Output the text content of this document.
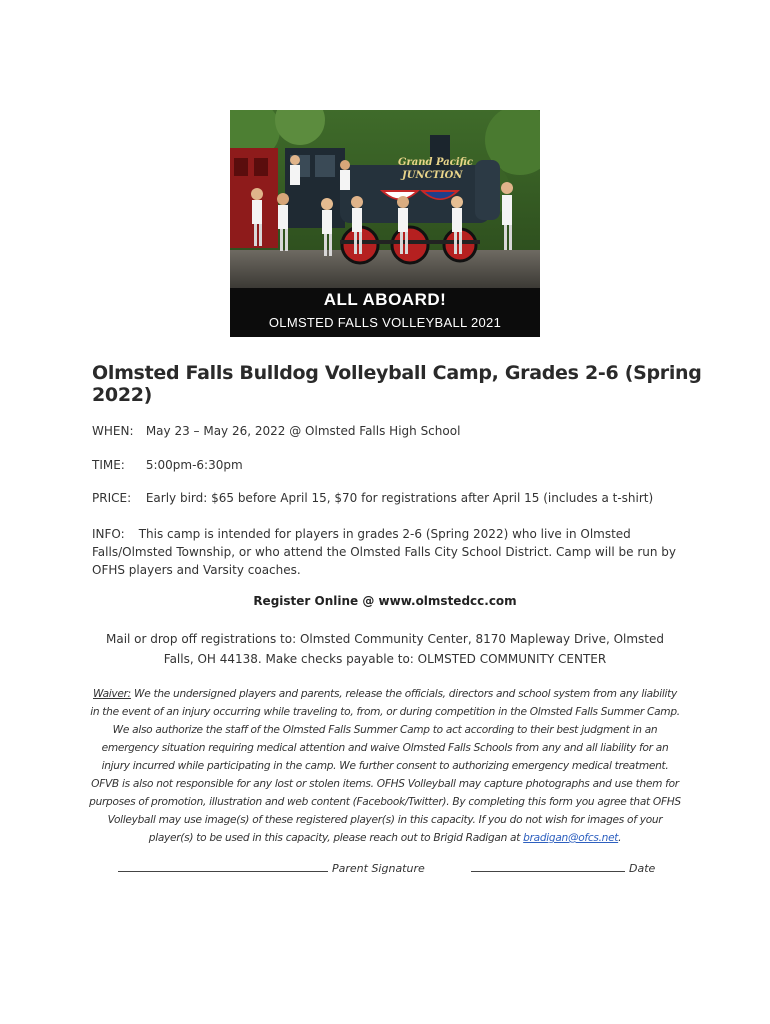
Grand Pacific
JUNCTION
ALL ABOARD!
OLMSTED FALLS VOLLEYBALL 2021
Olmsted Falls Bulldog Volleyball Camp, Grades 2-6 (Spring 2022)
WHEN: May 23 – May 26, 2022 @ Olmsted Falls High School
TIME: 5:00pm-6:30pm
PRICE: Early bird: $65 before April 15, $70 for registrations after April 15 (includes a t-shirt)
INFO: This camp is intended for players in grades 2-6 (Spring 2022) who live in Olmsted Falls/Olmsted Township, or who attend the Olmsted Falls City School District. Camp will be run by OFHS players and Varsity coaches.
Register Online @ www.olmstedcc.com
Mail or drop off registrations to: Olmsted Community Center, 8170 Mapleway Drive, Olmsted Falls, OH 44138. Make checks payable to: OLMSTED COMMUNITY CENTER
Waiver: We the undersigned players and parents, release the officials, directors and school system from any liability in the event of an injury occurring while traveling to, from, or during competition in the Olmsted Falls Summer Camp. We also authorize the staff of the Olmsted Falls Summer Camp to act according to their best judgment in an emergency situation requiring medical attention and waive Olmsted Falls Schools from any and all liability for an injury incurred while participating in the camp. We further consent to authorizing emergency medical treatment. OFVB is also not responsible for any lost or stolen items. OFHS Volleyball may capture photographs and use them for purposes of promotion, illustration and web content (Facebook/Twitter). By completing this form you agree that OFHS Volleyball may use image(s) of these registered player(s) in this capacity. If you do not wish for images of your player(s) to be used in this capacity, please reach out to Brigid Radigan at bradigan@ofcs.net.
Parent Signature	Date
